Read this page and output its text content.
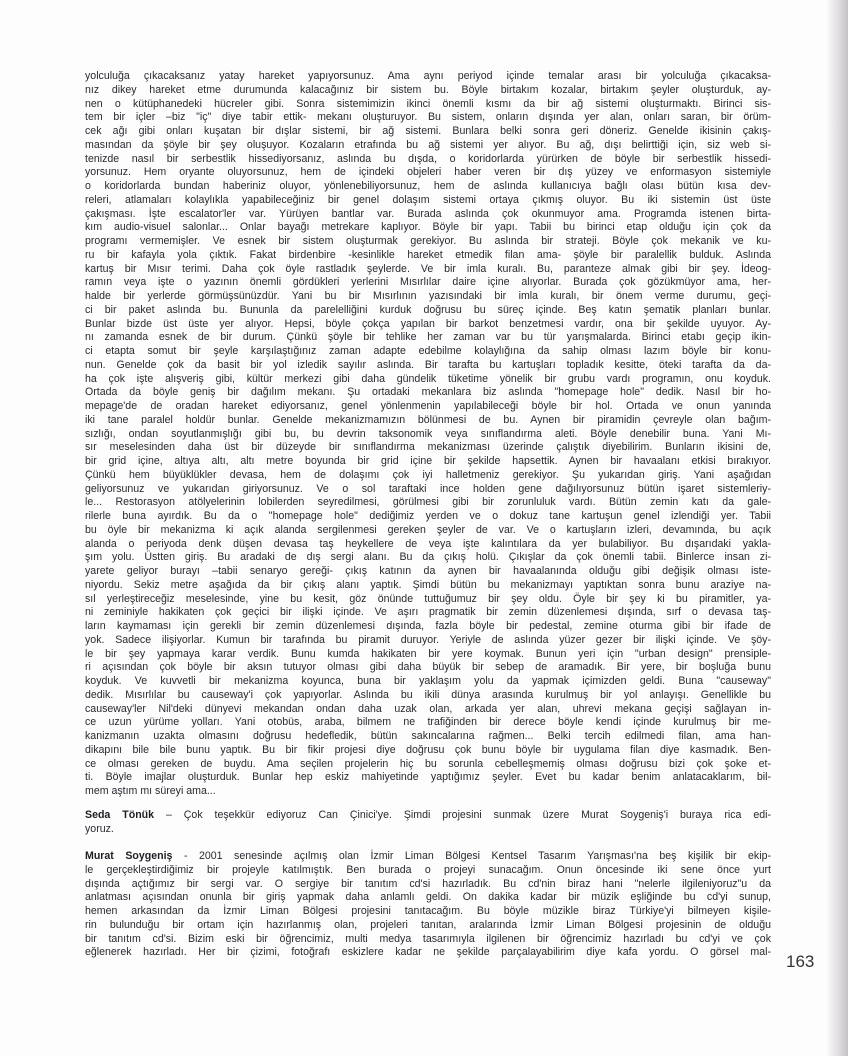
yolculuğa çıkacaksanız yatay hareket yapıyorsunuz. Ama aynı periyod içinde temalar arası bir yolculuğa çıkacaksa-
nız dikey hareket etme durumunda kalacağınız bir sistem bu. Böyle birtakım kozalar, birtakım şeyler oluşturduk, ay-
nen o kütüphanedeki hücreler gibi. Sonra sistemimizin ikinci önemli kısmı da bir ağ sistemi oluşturmaktı. Birinci sis-
tem bir içler –biz "iç" diye tabir ettik- mekanı oluşturuyor. Bu sistem, onların dışında yer alan, onları saran, bir örüm-
cek ağı gibi onları kuşatan bir dışlar sistemi, bir ağ sistemi. Bunlara belki sonra geri döneriz. Genelde ikisinin çakış-
masından da şöyle bir şey oluşuyor. Kozaların etrafında bu ağ sistemi yer alıyor. Bu ağ, dışı belirttiği için, siz web si-
tenizde nasıl bir serbestlik hissediyorsanız, aslında bu dışda, o koridorlarda yürürken de böyle bir serbestlik hissedi-
yorsunuz. Hem oryante oluyorsunuz, hem de içindeki objeleri haber veren bir dış yüzey ve enformasyon sistemiyle
o koridorlarda bundan haberiniz oluyor, yönlenebiliyorsunuz, hem de aslında kullanıcıya bağlı olası bütün kısa dev-
releri, atlamaları kolaylıkla yapabileceğiniz bir genel dolaşım sistemi ortaya çıkmış oluyor. Bu iki sistemin üst üste
çakışması. İşte escalator'ler var. Yürüyen bantlar var. Burada aslında çok okunmuyor ama. Programda istenen birta-
kım audio-visuel salonlar... Onlar bayağı metrekare kaplıyor. Böyle bir yapı. Tabii bu birinci etap olduğu için çok da
programı vermemişler. Ve esnek bir sistem oluşturmak gerekiyor. Bu aslında bir strateji. Böyle çok mekanik ve ku-
ru bir kafayla yola çıktık. Fakat birdenbire -kesinlikle hareket etmedik filan ama- şöyle bir paralellik bulduk. Aslında
kartuş bir Mısır terimi. Daha çok öyle rastladık şeylerde. Ve bir imla kuralı. Bu, paranteze almak gibi bir şey. İdeog-
ramın veya işte o yazının önemli gördükleri yerlerini Mısırlılar daire içine alıyorlar. Burada çok gözükmüyor ama, her-
halde bir yerlerde görmüşsünüzdür. Yani bu bir Mısırlının yazısındaki bir imla kuralı, bir önem verme durumu, geçi-
ci bir paket aslında bu. Bununla da parelelliğini kurduk doğrusu bu süreç içinde. Beş katın şematik planları bunlar.
Bunlar bizde üst üste yer alıyor. Hepsi, böyle çokça yapılan bir barkot benzetmesi vardır, ona bir şekilde uyuyor. Ay-
nı zamanda esnek de bir durum. Çünkü şöyle bir tehlike her zaman var bu tür yarışmalarda. Birinci etabı geçip ikin-
ci etapta somut bir şeyle karşılaştığınız zaman adapte edebilme kolaylığına da sahip olması lazım böyle bir konu-
nun. Genelde çok da basit bir yol izledik sayılır aslında. Bir tarafta bu kartuşları topladık kesitte, öteki tarafta da da-
ha çok işte alışveriş gibi, kültür merkezi gibi daha gündelik tüketime yönelik bir grubu vardı programın, onu koyduk.
Ortada da böyle geniş bir dağılım mekanı. Şu ortadaki mekanlara biz aslında "homepage hole" dedik. Nasıl bir ho-
mepage'de de oradan hareket ediyorsanız, genel yönlenmenin yapılabileceği böyle bir hol. Ortada ve onun yanında
iki tane paralel holdür bunlar. Genelde mekanizmamızın bölünmesi de bu. Aynen bir piramidin çevreyle olan bağım-
sızlığı, ondan soyutlanmışlığı gibi bu, bu devrin taksonomik veya sınıflandırma aleti. Böyle denebilir buna. Yani Mı-
sır meselesinden daha üst bir düzeyde bir sınıflandırma mekanizması üzerinde çalıştık diyebilirim. Bunların ikisini de,
bir grid içine, altıya altı, altı metre boyunda bir grid içine bir şekilde hapsettik. Aynen bir havaalanı etkisi bırakıyor.
Çünkü hem büyüklükler devasa, hem de dolaşımı çok iyi halletmeniz gerekiyor. Şu yukarıdan giriş. Yani aşağıdan
geliyorsunuz ve yukarıdan giriyorsunuz. Ve o sol taraftaki ince holden gene dağılıyorsunuz bütün işaret sistemleriy-
le... Restorasyon atölyelerinin lobilerden seyredilmesi, görülmesi gibi bir zorunluluk vardı. Bütün zemin katı da gale-
rilerle buna ayırdık. Bu da o "homepage hole" dediğimiz yerden ve o dokuz tane kartuşun genel izlendiği yer. Tabii
bu öyle bir mekanizma ki açık alanda sergilenmesi gereken şeyler de var. Ve o kartuşların izleri, devamında, bu açık
alanda o periyoda denk düşen devasa taş heykellere de veya işte kalıntılara da yer bulabiliyor. Bu dışarıdaki yakla-
şım yolu. Üstten giriş. Bu aradaki de dış sergi alanı. Bu da çıkış holü. Çıkışlar da çok önemli tabii. Binlerce insan zi-
yarete geliyor burayı –tabii senaryo gereği- çıkış katının da aynen bir havaalanında olduğu gibi değişik olması iste-
niyordu. Sekiz metre aşağıda da bir çıkış alanı yaptık. Şimdi bütün bu mekanizmayı yaptıktan sonra bunu araziye na-
sıl yerleştireceğiz meselesinde, yine bu kesit, göz önünde tuttuğumuz bir şey oldu. Öyle bir şey ki bu piramitler, ya-
ni zeminiyle hakikaten çok geçici bir ilişki içinde. Ve aşırı pragmatik bir zemin düzenlemesi dışında, sırf o devasa taş-
ların kaymaması için gerekli bir zemin düzenlemesi dışında, fazla böyle bir pedestal, zemine oturma gibi bir ifade de
yok. Sadece ilişiyorlar. Kumun bir tarafında bu piramit duruyor. Yeriyle de aslında yüzer gezer bir ilişki içinde. Ve şöy-
le bir şey yapmaya karar verdik. Bunu kumda hakikaten bir yere koymak. Bunun yeri için "urban design" prensiple-
ri açısından çok böyle bir aksın tutuyor olması gibi daha büyük bir sebep de aramadık. Bir yere, bir boşluğa bunu
koyduk. Ve kuvvetli bir mekanizma koyunca, buna bir yaklaşım yolu da yapmak içimizden geldi. Buna "causeway"
dedik. Mısırlılar bu causeway'i çok yapıyorlar. Aslında bu ikili dünya arasında kurulmuş bir yol anlayışı. Genellikle bu
causeway'ler Nil'deki dünyevi mekandan ondan daha uzak olan, arkada yer alan, uhrevi mekana geçişi sağlayan in-
ce uzun yürüme yolları. Yani otobüs, araba, bilmem ne trafiğinden bir derece böyle kendi içinde kurulmuş bir me-
kanizmanın uzakta olmasını doğrusu hedefledik, bütün sakıncalarına rağmen... Belki tercih edilmedi filan, ama han-
dikapını bile bile bunu yaptık. Bu bir fikir projesi diye doğrusu çok bunu böyle bir uygulama filan diye kasmadık. Ben-
ce olması gereken de buydu. Ama seçilen projelerin hiç bu sorunla cebelleşmemiş olması doğrusu bizi çok şoke et-
ti. Böyle imajlar oluşturduk. Bunlar hep eskiz mahiyetinde yaptığımız şeyler. Evet bu kadar benim anlatacaklarım, bil-
mem aştım mı süreyi ama...
Seda Tönük – Çok teşekkür ediyoruz Can Çinici'ye. Şimdi projesini sunmak üzere Murat Soygeniş'i buraya rica edi-
yoruz.
Murat Soygeniş - 2001 senesinde açılmış olan İzmir Liman Bölgesi Kentsel Tasarım Yarışması'na beş kişilik bir ekip-
le gerçekleştirdiğimiz bir projeyle katılmıştık. Ben burada o projeyi sunacağım. Onun öncesinde iki sene önce yurt
dışında açtığımız bir sergi var. O sergiye bir tanıtım cd'si hazırladık. Bu cd'nin biraz hani "nelerle ilgileniyoruz"u da
anlatması açısından onunla bir giriş yapmak daha anlamlı geldi. On dakika kadar bir müzik eşliğinde bu cd'yi sunup,
hemen arkasından da İzmir Liman Bölgesi projesini tanıtacağım. Bu böyle müzikle biraz Türkiye'yi bilmeyen kişile-
rin bulunduğu bir ortam için hazırlanmış olan, projeleri tanıtan, aralarında İzmir Liman Bölgesi projesinin de olduğu
bir tanıtım cd'si. Bizim eski bir öğrencimiz, multi medya tasarımıyla ilgilenen bir öğrencimiz hazırladı bu cd'yi ve çok
eğlenerek hazırladı. Her bir çizimi, fotoğrafı eskizlere kadar ne şekilde parçalayabilirim diye kafa yordu. O görsel mal- 163
